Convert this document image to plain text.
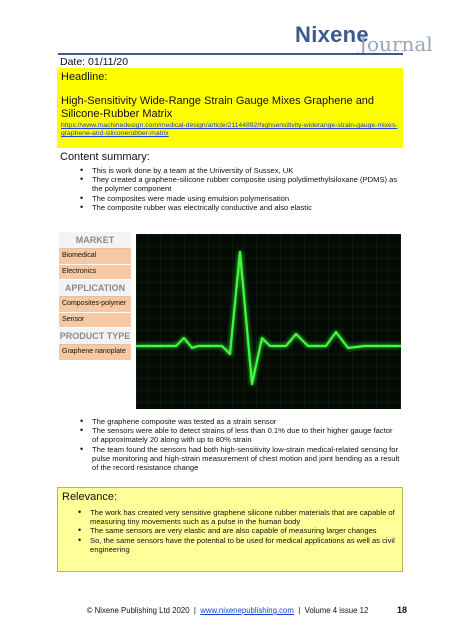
Nixene
Journal
Date: 01/11/20
Headline:
High-Sensitivity Wide-Range Strain Gauge Mixes Graphene and Silicone-Rubber Matrix
https://www.machinedesign.com/medical-design/article/21144892/highsensitivity-widerange-strain-gauge-mixes-graphene-and-siliconerubber-matrix
Content summary:
• This is work done by a team at the University of Sussex, UK
• They created a graphene-silicone rubber composite using polydimethylsiloxane (PDMS) as the polymer component
• The composites were made using emulsion polymerisation
• The composite rubber was electrically conductive and also elastic
MARKET
Biomedical
Electronics
APPLICATION
Composites-polymer
Sensor
PRODUCT TYPE
Graphene nanoplate
• The graphene composite was tested as a strain sensor
• The sensors were able to detect strains of less than 0.1% due to their higher gauge factor of approximately 20 along with up to 80% strain
• The team found the sensors had both high-sensitivity low-strain medical-related sensing for pulse monitoring and high-strain measurement of chest motion and joint bending as a result of the record resistance change
Relevance:
• The work has created very sensitive graphene silicone rubber materials that are capable of measuring tiny movements such as a pulse in the human body
• The same sensors are very elastic and are also capable of measuring larger changes
• So, the same sensors have the potential to be used for medical applications as well as civil engineering
© Nixene Publishing Ltd 2020 | www.nixenepublishing.com | Volume 4 issue 12	18
